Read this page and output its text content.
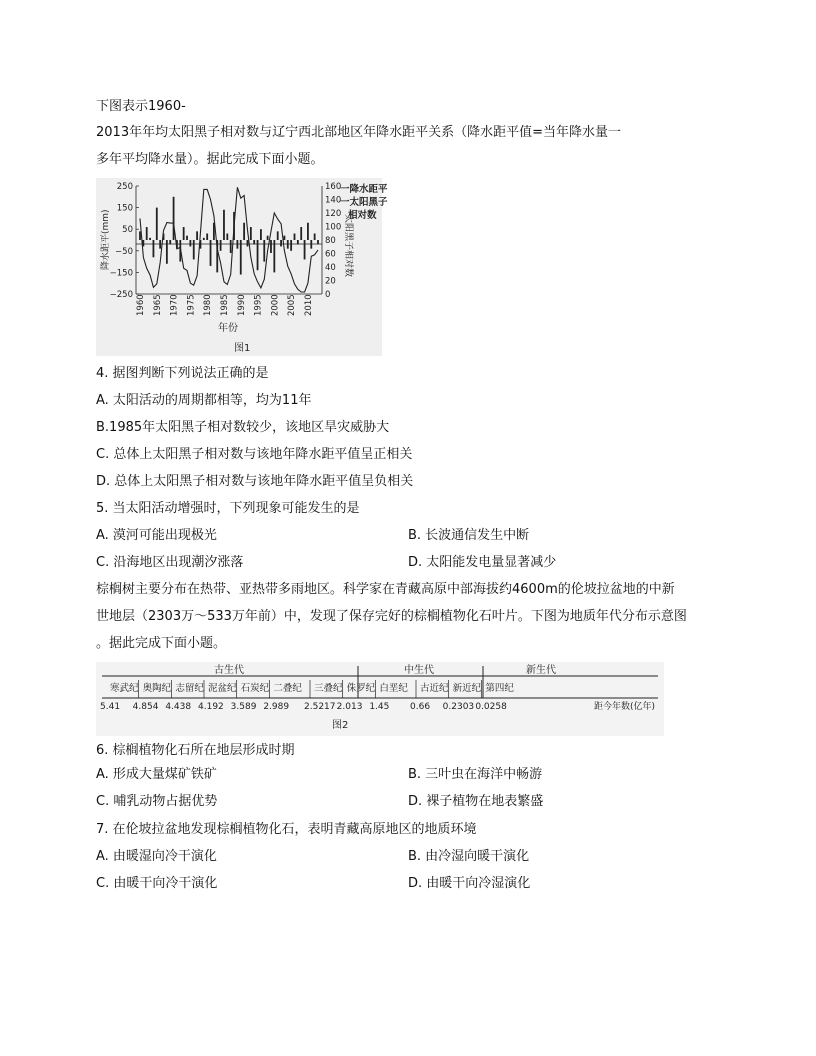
下图表示1960-
2013年年均太阳黑子相对数与辽宁西北部地区年降水距平关系（降水距平值=当年降水量一
多年平均降水量）。据此完成下面小题。
降水距平(mm)	太阳黑子相对数
250
150
50
−50
−150
−250
160
140
120
100
80
60
40
20
0
1960 1965 1970 1975 1980 1985 1990 1995 2000 2005 2010
一降水距平
一太阳黑子
相对数
年份
图1
4. 据图判断下列说法正确的是
A. 太阳活动的周期都相等，均为11年
B.1985年太阳黑子相对数较少，该地区旱灾威胁大
C. 总体上太阳黑子相对数与该地年降水距平值呈正相关
D. 总体上太阳黑子相对数与该地年降水距平值呈负相关
5. 当太阳活动增强时，下列现象可能发生的是
A. 漠河可能出现极光	B. 长波通信发生中断
C. 沿海地区出现潮汐涨落	D. 太阳能发电量显著减少
棕榈树主要分布在热带、亚热带多雨地区。科学家在青藏高原中部海拔约4600m的伦坡拉盆地的中新
世地层（2303万～533万年前）中，发现了保存完好的棕榈植物化石叶片。下图为地质年代分布示意图
。据此完成下面小题。
古生代	中生代	新生代
寒武纪 奥陶纪 志留纪 泥盆纪 石炭纪 二叠纪 三叠纪 侏罗纪 白垩纪 古近纪 新近纪 第四纪
5.41 4.854 4.438 4.192 3.589 2.989 2.5217 2.013 1.45 0.66 0.2303 0.0258	距今年数(亿年)
图2
6. 棕榈植物化石所在地层形成时期
A. 形成大量煤矿铁矿	B. 三叶虫在海洋中畅游
C. 哺乳动物占据优势	D. 裸子植物在地表繁盛
7. 在伦坡拉盆地发现棕榈植物化石，表明青藏高原地区的地质环境
A. 由暖湿向冷干演化	B. 由冷湿向暖干演化
C. 由暖干向冷干演化	D. 由暖干向冷湿演化
